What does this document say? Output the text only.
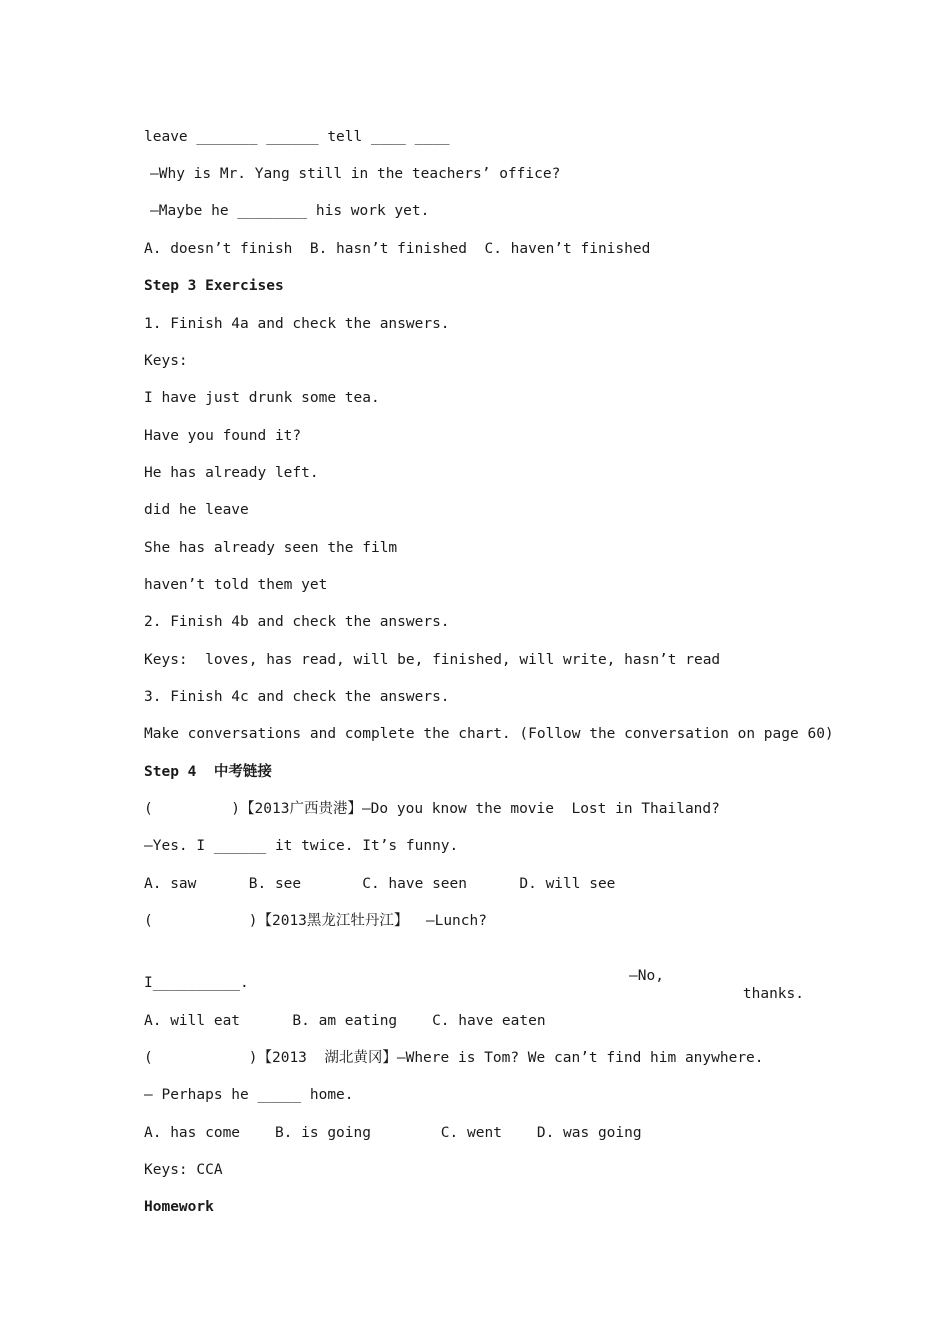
leave _______ ______ tell ____ ____
—Why is Mr. Yang still in the teachers’ office?
—Maybe he ________ his work yet.
A. doesn’t finish  B. hasn’t finished  C. haven’t finished
Step 3 Exercises
1. Finish 4a and check the answers.
Keys:
I have just drunk some tea.
Have you found it?
He has already left.
did he leave
She has already seen the film
haven’t told them yet
2. Finish 4b and check the answers.
Keys:  loves, has read, will be, finished, will write, hasn’t read
3. Finish 4c and check the answers.
Make conversations and complete the chart. (Follow the conversation on page 60)
Step 4  中考链接
(         )【2013广西贵港】—Do you know the movie  Lost in Thailand?
—Yes. I ______ it twice. It’s funny.
A. saw      B. see       C. have seen      D. will see
(           )【2013黑龙江牡丹江】  —Lunch?

—No,

thanks.

I__________.
A. will eat      B. am eating    C. have eaten
(           )【2013  湖北黄冈】—Where is Tom? We can’t find him anywhere.
— Perhaps he _____ home.
A. has come    B. is going        C. went    D. was going
Keys: CCA
Homework
